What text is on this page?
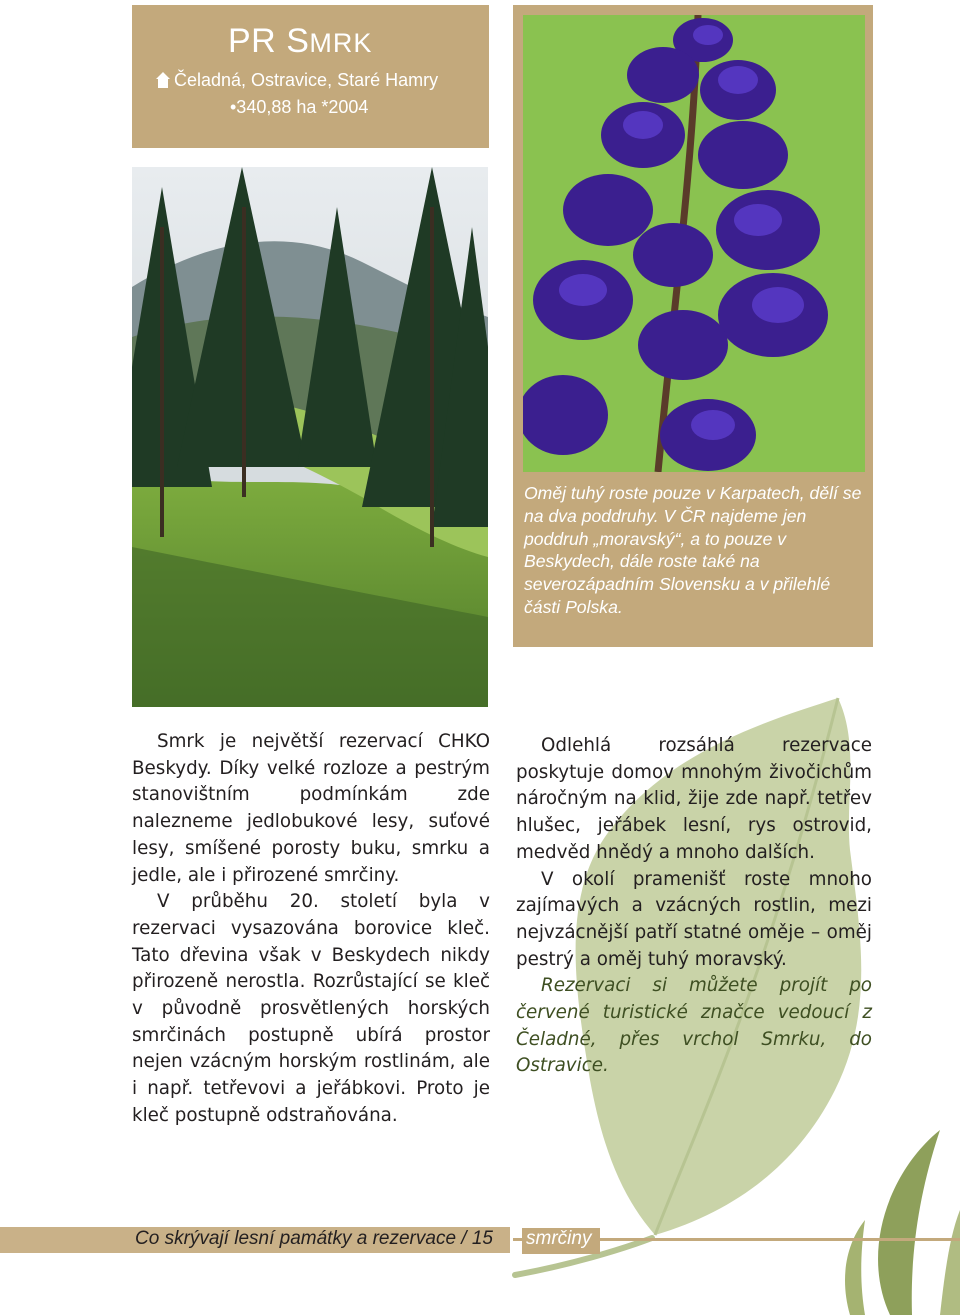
PR SMRK
Čeladná, Ostravice, Staré Hamry
•340,88 ha *2004
Oměj tuhý roste pouze v Karpatech, dělí se na dva poddruhy. V ČR najdeme jen poddruh „moravský“, a to pouze v Beskydech, dále roste také na severozápadním Slovensku a v přilehlé části Polska.

Smrk je největší rezervací CHKO Beskydy. Díky velké rozloze a pestrým stanovištním podmínkám zde nalezneme jedlobukové lesy, suťové lesy, smíšené porosty buku, smrku a jedle, ale i přirozené smrčiny.

V průběhu 20. století byla v rezervaci vysazována borovice kleč. Tato dřevina však v Beskydech nikdy přirozeně nerostla. Rozrůstající se kleč v původně prosvětlených horských smrčinách postupně ubírá prostor nejen vzácným horským rostlinám, ale i např. tetřevovi a jeřábkovi. Proto je kleč postupně odstraňována.

Odlehlá rozsáhlá rezervace poskytuje domov mnohým živočichům náročným na klid, žije zde např. tetřev hlušec, jeřábek lesní, rys ostrovid, medvěd hnědý a mnoho dalších.

V okolí pramenišť roste mnoho zajímavých a vzácných rostlin, mezi nejvzácnější patří statné oměje – oměj pestrý a oměj tuhý moravský.

Rezervaci si můžete projít po červené turistické značce vedoucí z Čeladné, přes vrchol Smrku, do Ostravice.

Co skrývají lesní památky a rezervace / 15 smrčiny
